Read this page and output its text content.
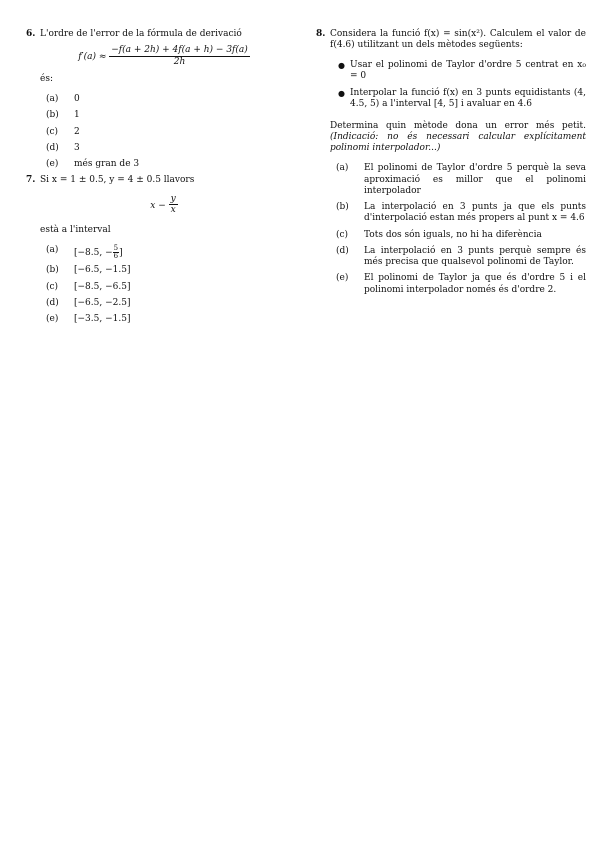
6. L'ordre de l'error de la fórmula de derivació
$f'(a) \approx \frac{-f(a + 2h) + 4f(a + h) - 3f(a)}{2h}$
és:
(a)	0
(b)	1
(c)	2
(d)	3
(e)	més gran de 3
7. Si x = 1 ± 0.5, y = 4 ± 0.5 llavors
$x - \frac{y}{x}$
està a l'interval
(a)	[−8.5, − $\frac{5}{6}$ ]
(b)	[−6.5, −1.5]
(c)	[−8.5, −6.5]
(d)	[−6.5, −2.5]
(e)	[−3.5, −1.5]
8. Considera la funció f(x) = sin(x²). Calculem el valor de f(4.6) utilitzant un dels mètodes següents:
● Usar el polinomi de Taylor d'ordre 5 centrat en x₀ = 0
● Interpolar la funció f(x) en 3 punts equidistants (4, 4.5, 5) a l'interval [4, 5] i avaluar en 4.6
Determina quin mètode dona un error més petit. (Indicació: no és necessari calcular explícitament polinomi interpolador...)
(a)	El polinomi de Taylor d'ordre 5 perquè la seva aproximació es millor que el polinomi interpolador
(b)	La interpolació en 3 punts ja que els punts d'interpolació estan més propers al punt x = 4.6
(c)	Tots dos són iguals, no hi ha diferència
(d)	La interpolació en 3 punts perquè sempre és més precisa que qualsevol polinomi de Taylor.
(e)	El polinomi de Taylor ja que és d'ordre 5 i el polinomi interpolador només és d'ordre 2.
